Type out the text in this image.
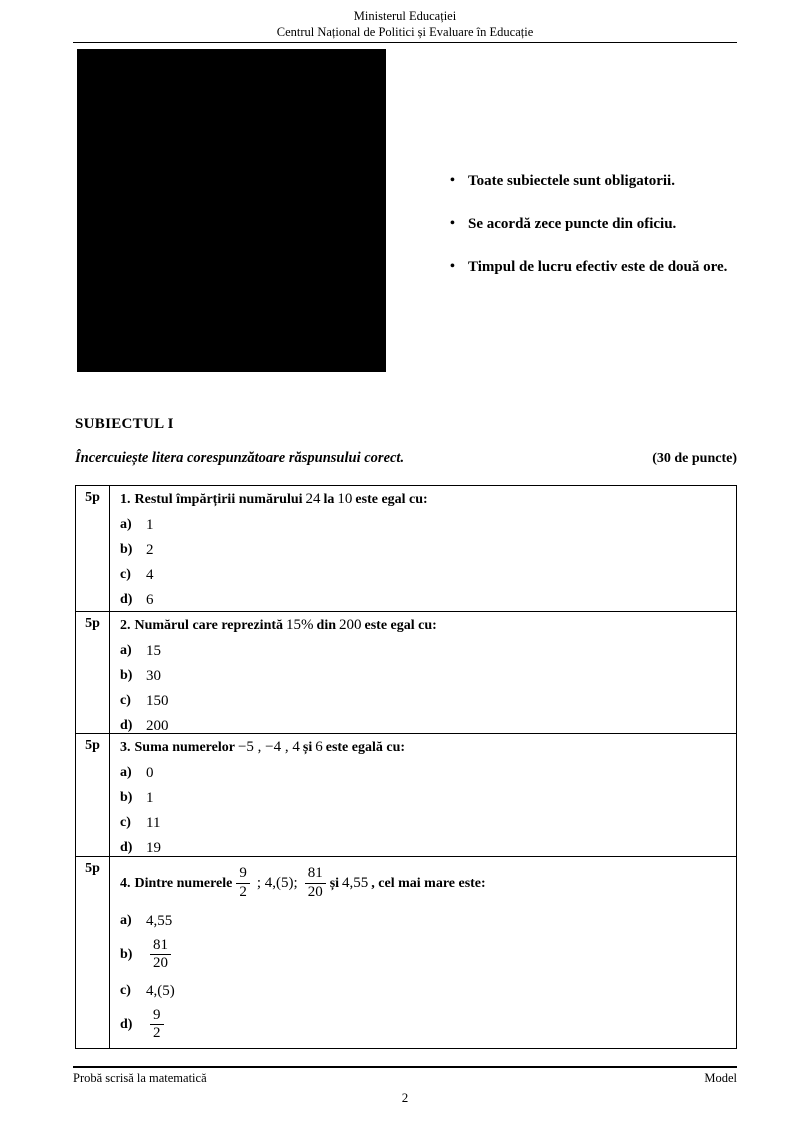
Ministerul Educației
Centrul Național de Politici și Evaluare în Educație
• Toate subiectele sunt obligatorii.
• Se acordă zece puncte din oficiu.
• Timpul de lucru efectiv este de două ore.
SUBIECTUL I
Încercuiește litera corespunzătoare răspunsului corect.	(30 de puncte)
5p	1. Restul împărțirii numărului 24 la 10 este egal cu:
a) 1
b) 2
c)	4
d) 6
5p	2. Numărul care reprezintă 15% din 200 este egal cu:
a) 15
b) 30
c)	150
d) 200
5p	3. Suma numerelor −5 , −4 , 4 și 6 este egală cu:
a) 0
b) 1
c)	11
d) 19
5p
4. Dintre numerele $\frac{9}{2}$ ; 4,(5); $\frac{81}{20}$ și 4,55 , cel mai mare este:
a) 4,55
$b) \frac{81}{20}$
c)	4,(5)
$d) \frac{9}{2}$
Probă scrisă la matematică	Model
2
